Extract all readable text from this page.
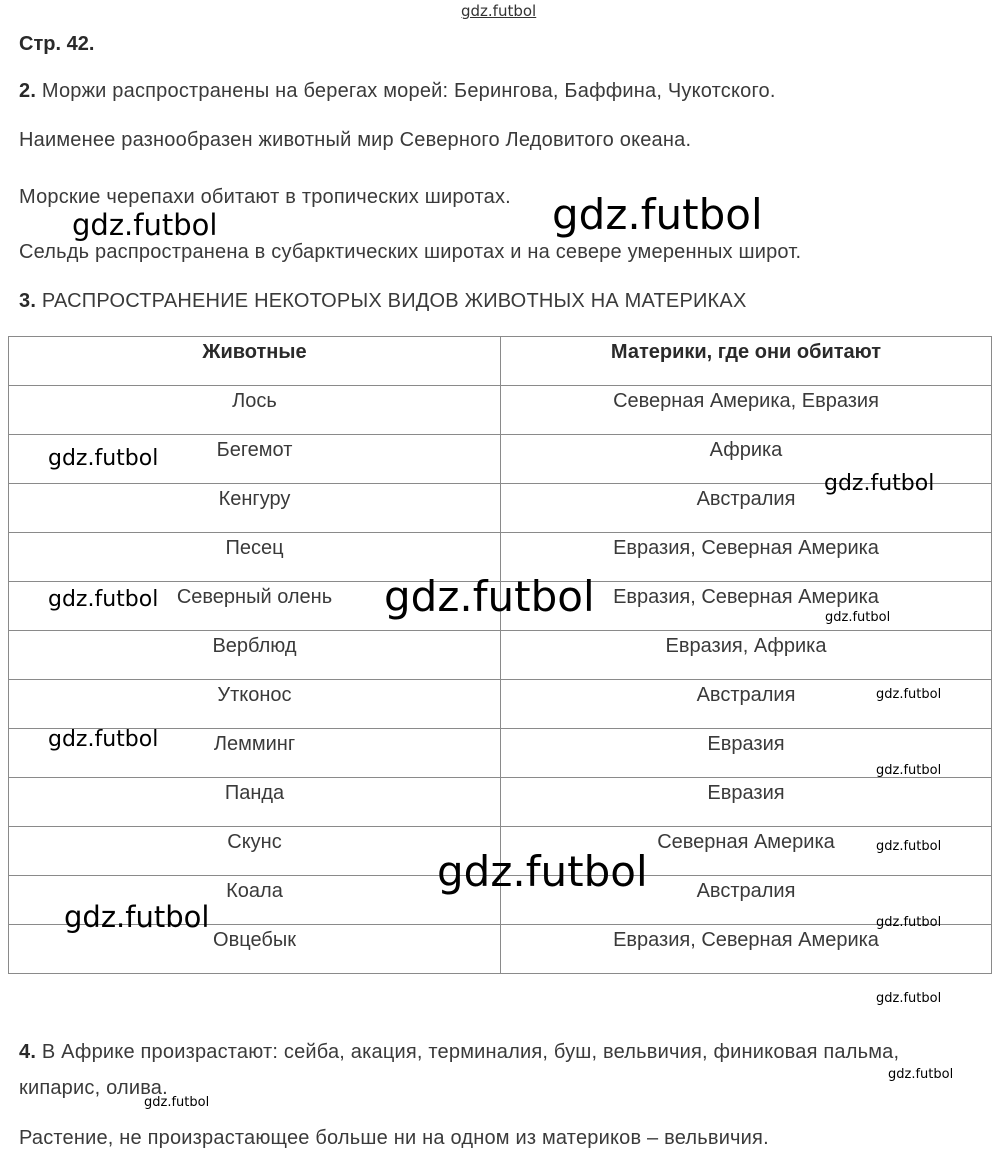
Стр. 42.
2. Моржи распространены на берегах морей: Берингова, Баффина, Чукотского.
Наименее разнообразен животный мир Северного Ледовитого океана.
Морские черепахи обитают в тропических широтах.
Сельдь распространена в субарктических широтах и на севере умеренных широт.
3. РАСПРОСТРАНЕНИЕ НЕКОТОРЫХ ВИДОВ ЖИВОТНЫХ НА МАТЕРИКАХ
Животные	Материки, где они обитают
Лось	Северная Америка, Евразия
Бегемот	Африка
Кенгуру	Австралия
Песец	Евразия, Северная Америка
Северный олень	Евразия, Северная Америка
Верблюд	Евразия, Африка
Утконос	Австралия
Лемминг	Евразия
Панда	Евразия
Скунс	Северная Америка
Коала	Австралия
Овцебык	Евразия, Северная Америка
4. В Африке произрастают: сейба, акация, терминалия, буш, вельвичия, финиковая пальма,
кипарис, олива.
Растение, не произрастающее больше ни на одном из материков – вельвичия.
gdz.futbol
gdz.futbol
gdz.futbol
gdz.futbol
gdz.futbol
gdz.futbol	gdz.futbol	gdz.futbol
gdz.futbol
gdz.futbol
gdz.futbol
gdz.futbol
gdz.futbol
gdz.futbol	gdz.futbol
gdz.futbol
gdz.futbol
gdz.futbol
